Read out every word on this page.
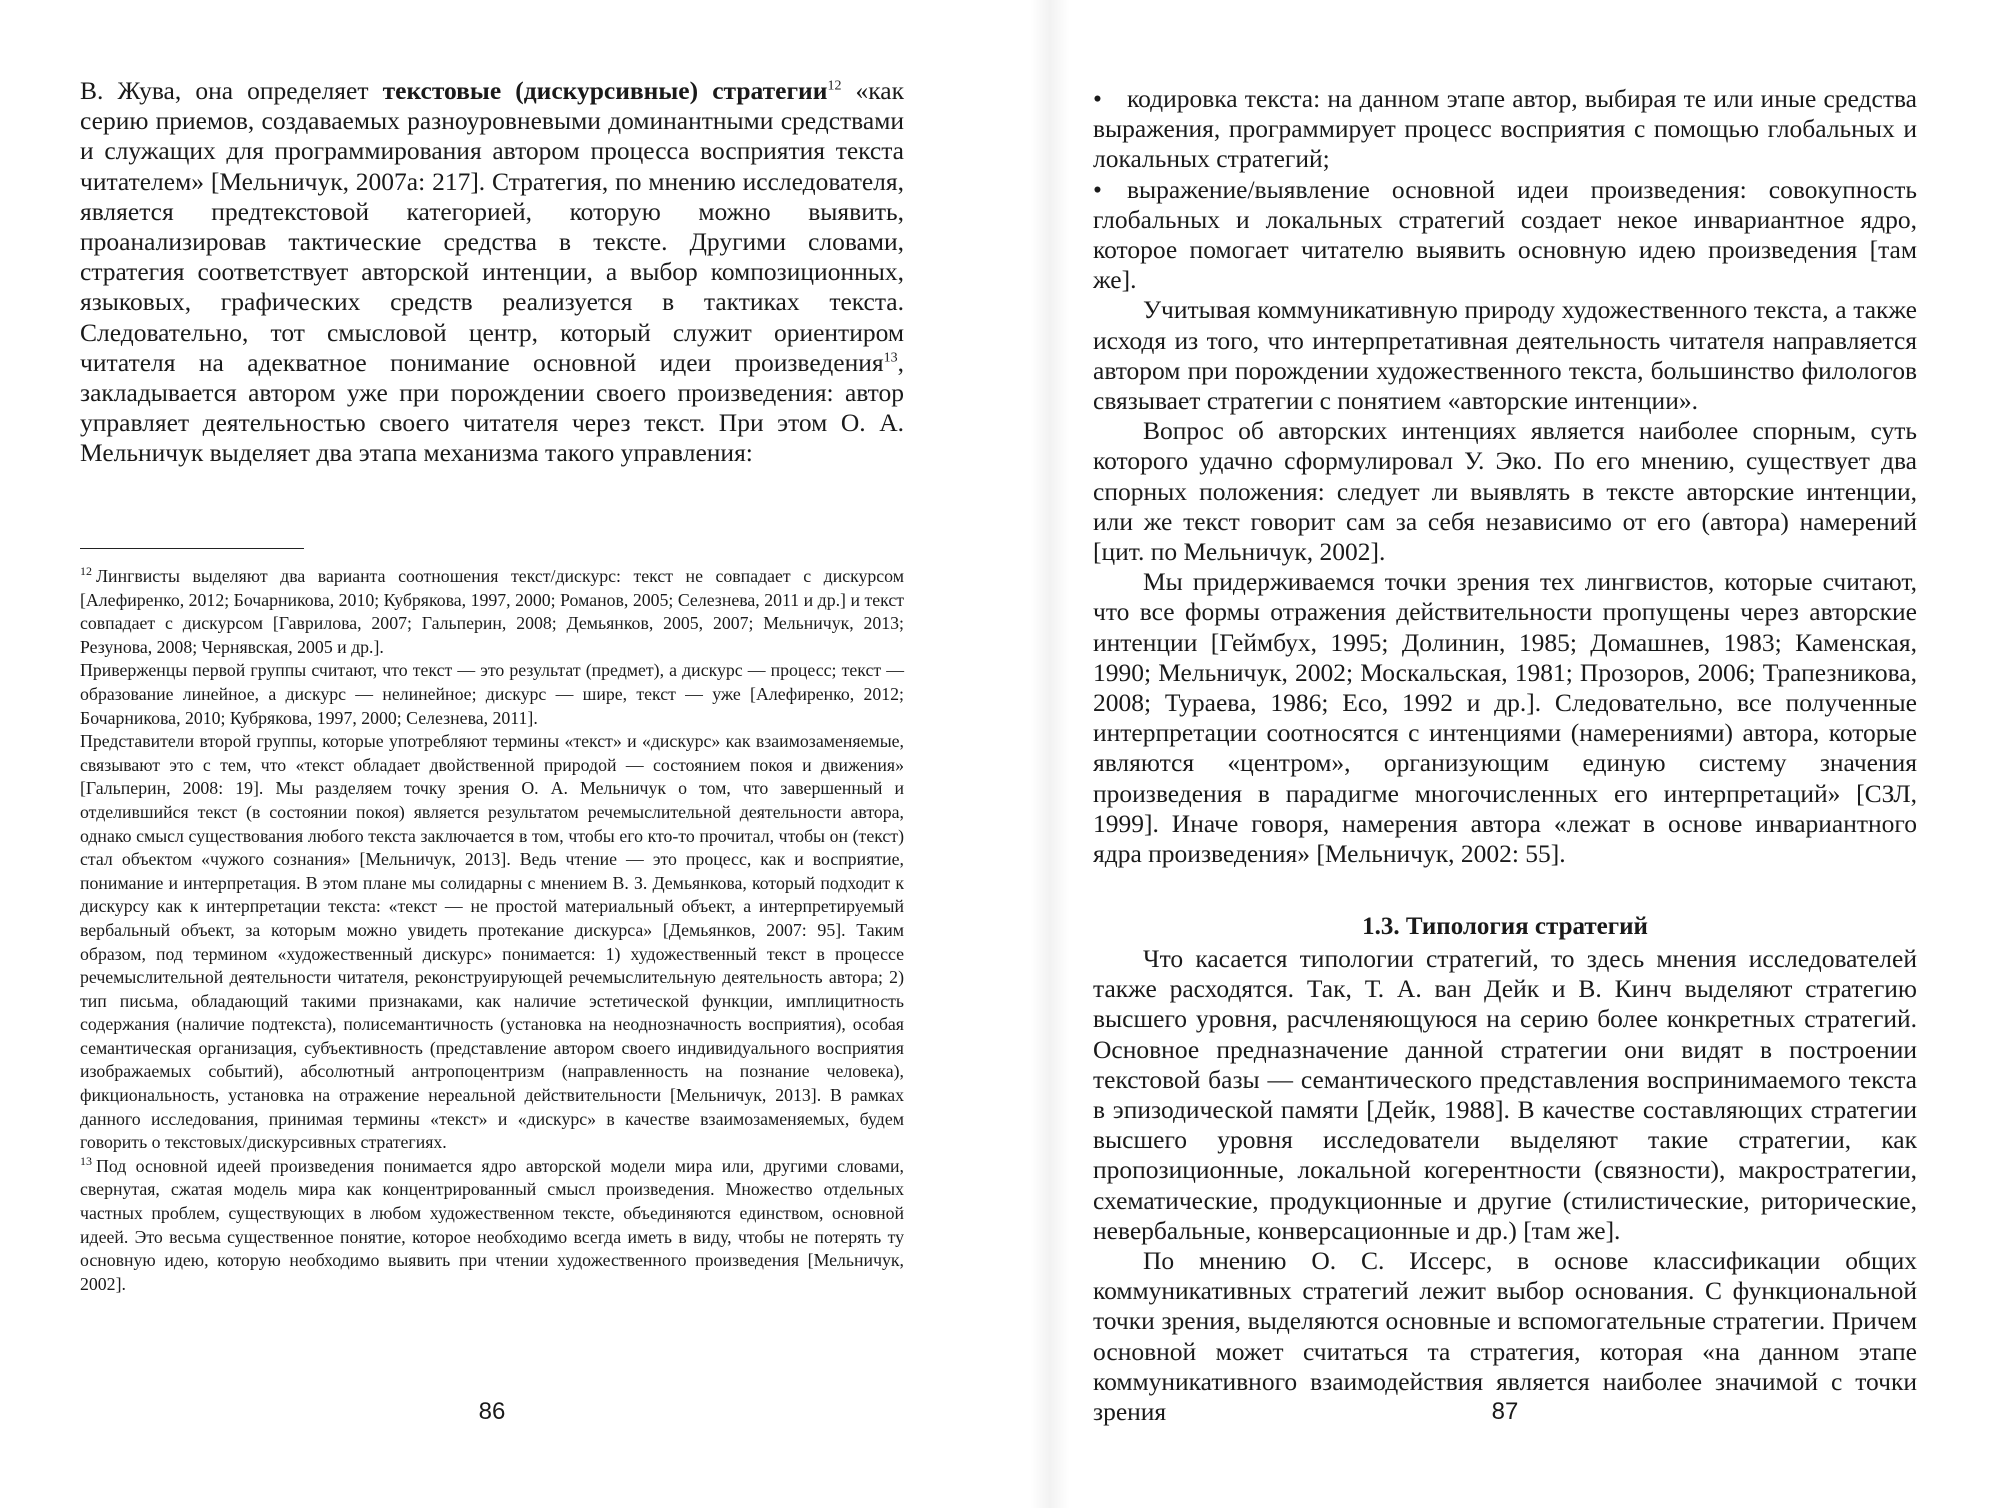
В. Жува, она определяет текстовые (дискурсивные) стратегии$^{12}$ «как серию приемов, создаваемых разноуровневыми доминантными средствами и служащих для программирования автором процесса восприятия текста читателем» [Мельничук, 2007а: 217]. Стратегия, по мнению исследователя, является предтекстовой категорией, которую можно выявить, проанализировав тактические средства в тексте. Другими словами, стратегия соответствует авторской интенции, а выбор композиционных, языковых, графических средств реализуется в тактиках текста. Следовательно, тот смысловой центр, который служит ориентиром читателя на адекватное понимание основной идеи произведения$^{13}$, закладывается автором уже при порождении своего произведения: автор управляет деятельностью своего читателя через текст. При этом О. А. Мельничук выделяет два этапа механизма такого управления:

$^{12}$ Лингвисты выделяют два варианта соотношения текст/дискурс: текст не совпадает с дискурсом [Алефиренко, 2012; Бочарникова, 2010; Кубрякова, 1997, 2000; Романов, 2005; Селезнева, 2011 и др.] и текст совпадает с дискурсом [Гаврилова, 2007; Гальперин, 2008; Демьянков, 2005, 2007; Мельничук, 2013; Резунова, 2008; Чернявская, 2005 и др.].

Приверженцы первой группы считают, что текст — это результат (предмет), а дискурс — процесс; текст — образование линейное, а дискурс — нелинейное; дискурс — шире, текст — уже [Алефиренко, 2012; Бочарникова, 2010; Кубрякова, 1997, 2000; Селезнева, 2011].

Представители второй группы, которые употребляют термины «текст» и «дискурс» как взаимозаменяемые, связывают это с тем, что «текст обладает двойственной природой — состоянием покоя и движения» [Гальперин, 2008: 19]. Мы разделяем точку зрения О. А. Мельничук о том, что завершенный и отделившийся текст (в состоянии покоя) является результатом речемыслительной деятельности автора, однако смысл существования любого текста заключается в том, чтобы его кто-то прочитал, чтобы он (текст) стал объектом «чужого сознания» [Мельничук, 2013]. Ведь чтение — это процесс, как и восприятие, понимание и интерпретация. В этом плане мы солидарны с мнением В. З. Демьянкова, который подходит к дискурсу как к интерпретации текста: «текст — не простой материальный объект, а интерпретируемый вербальный объект, за которым можно увидеть протекание дискурса» [Демьянков, 2007: 95]. Таким образом, под термином «художественный дискурс» понимается: 1) художественный текст в процессе речемыслительной деятельности читателя, реконструирующей речемыслительную деятельность автора; 2) тип письма, обладающий такими признаками, как наличие эстетической функции, имплицитность содержания (наличие подтекста), полисемантичность (установка на неоднозначность восприятия), особая семантическая организация, субъективность (представление автором своего индивидуального восприятия изображаемых событий), абсолютный антропоцентризм (направленность на познание человека), фикциональность, установка на отражение нереальной действительности [Мельничук, 2013]. В рамках данного исследования, принимая термины «текст» и «дискурс» в качестве взаимозаменяемых, будем говорить о текстовых/дискурсивных стратегиях.

$^{13}$ Под основной идеей произведения понимается ядро авторской модели мира или, другими словами, свернутая, сжатая модель мира как концентрированный смысл произведения. Множество отдельных частных проблем, существующих в любом художественном тексте, объединяются единством, основной идеей. Это весьма существенное понятие, которое необходимо всегда иметь в виду, чтобы не потерять ту основную идею, которую необходимо выявить при чтении художественного произведения [Мельничук, 2002].

86

• кодировка текста: на данном этапе автор, выбирая те или иные средства выражения, программирует процесс восприятия с помощью глобальных и локальных стратегий;

• выражение/выявление основной идеи произведения: совокупность глобальных и локальных стратегий создает некое инвариантное ядро, которое помогает читателю выявить основную идею произведения [там же].

Учитывая коммуникативную природу художественного текста, а также исходя из того, что интерпретативная деятельность читателя направляется автором при порождении художественного текста, большинство филологов связывает стратегии с понятием «авторские интенции».

Вопрос об авторских интенциях является наиболее спорным, суть которого удачно сформулировал У. Эко. По его мнению, существует два спорных положения: следует ли выявлять в тексте авторские интенции, или же текст говорит сам за себя независимо от его (автора) намерений [цит. по Мельничук, 2002].

Мы придерживаемся точки зрения тех лингвистов, которые считают, что все формы отражения действительности пропущены через авторские интенции [Геймбух, 1995; Долинин, 1985; Домашнев, 1983; Каменская, 1990; Мельничук, 2002; Москальская, 1981; Прозоров, 2006; Трапезникова, 2008; Тураева, 1986; Eco, 1992 и др.]. Следовательно, все полученные интерпретации соотносятся с интенциями (намерениями) автора, которые являются «центром», организующим единую систему значения произведения в парадигме многочисленных его интерпретаций» [СЗЛ, 1999]. Иначе говоря, намерения автора «лежат в основе инвариантного ядра произведения» [Мельничук, 2002: 55].

1.3. Типология стратегий

Что касается типологии стратегий, то здесь мнения исследователей также расходятся. Так, Т. А. ван Дейк и В. Кинч выделяют стратегию высшего уровня, расчленяющуюся на серию более конкретных стратегий. Основное предназначение данной стратегии они видят в построении текстовой базы — семантического представления воспринимаемого текста в эпизодической памяти [Дейк, 1988]. В качестве составляющих стратегии высшего уровня исследователи выделяют такие стратегии, как пропозиционные, локальной когерентности (связности), макростратегии, схематические, продукционные и другие (стилистические, риторические, невербальные, конверсационные и др.) [там же].

По мнению О. С. Иссерс, в основе классификации общих коммуникативных стратегий лежит выбор основания. С функциональной точки зрения, выделяются основные и вспомогательные стратегии. Причем основной может считаться та стратегия, которая «на данном этапе коммуникативного взаимодействия является наиболее значимой с точки зрения	87
